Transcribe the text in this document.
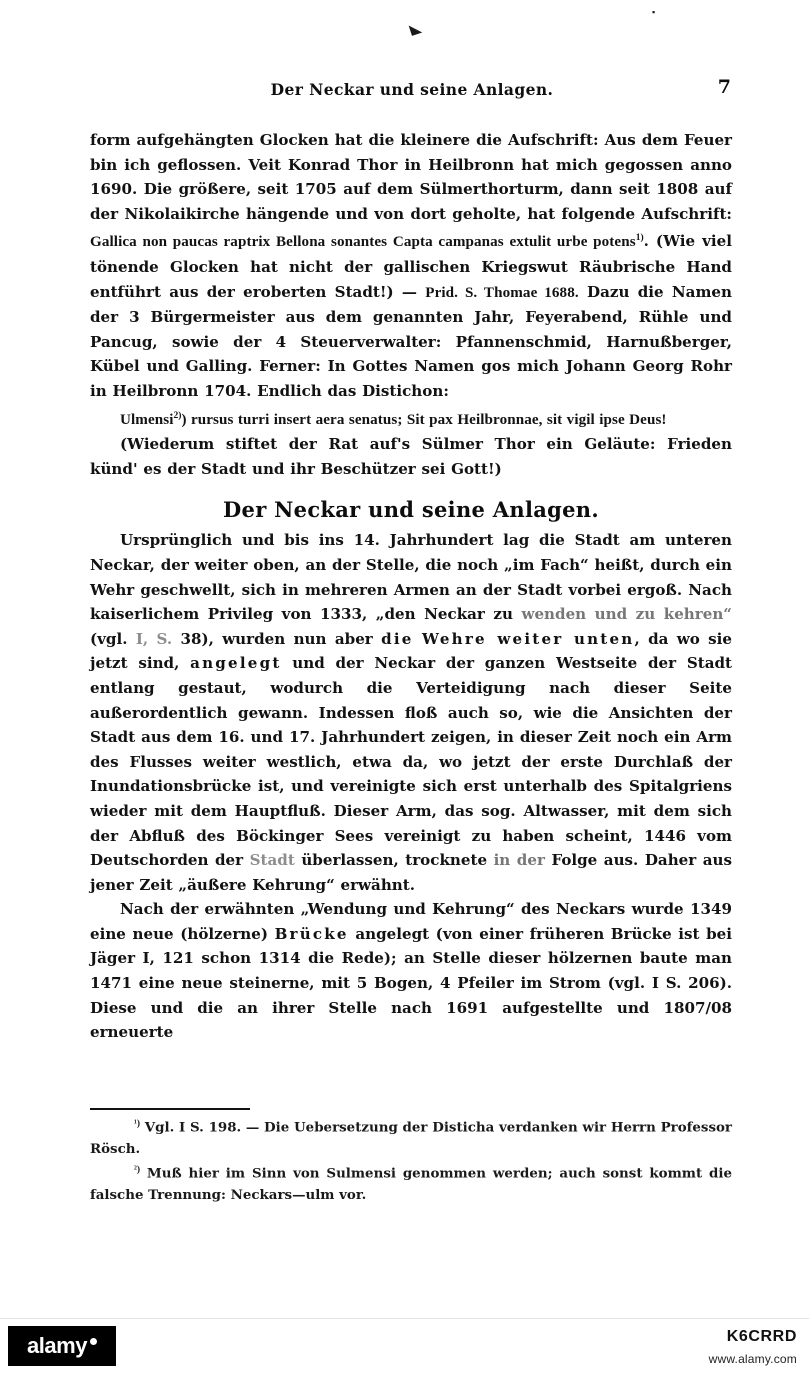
◣
▪
Der Neckar und seine Anlagen.	7

form aufgehängten Glocken hat die kleinere die Aufschrift: Aus dem Feuer bin ich geflossen. Veit Konrad Thor in Heilbronn hat mich gegossen anno 1690. Die größere, seit 1705 auf dem Sülmerthorturm, dann seit 1808 auf der Nikolaikirche hängende und von dort geholte, hat folgende Aufschrift: Gallica non paucas raptrix Bellona sonantes Capta campanas extulit urbe potens$^{1)}$. (Wie viel tönende Glocken hat nicht der gallischen Kriegswut Räubrische Hand entführt aus der eroberten Stadt!) — Prid. S. Thomae 1688. Dazu die Namen der 3 Bürgermeister aus dem genannten Jahr, Feyerabend, Rühle und Pancug, sowie der 4 Steuerverwalter: Pfannenschmid, Harnußberger, Kübel und Galling. Ferner: In Gottes Namen gos mich Johann Georg Rohr in Heilbronn 1704. Endlich das Distichon:

Ulmensi$^{2)}$) rursus turri insert aera senatus; Sit pax Heilbronnae, sit vigil ipse Deus!

(Wiederum stiftet der Rat auf's Sülmer Thor ein Geläute: Frieden künd' es der Stadt und ihr Beschützer sei Gott!)

Der Neckar und seine Anlagen.

Ursprünglich und bis ins 14. Jahrhundert lag die Stadt am unteren Neckar, der weiter oben, an der Stelle, die noch „im Fach“ heißt, durch ein Wehr geschwellt, sich in mehreren Armen an der Stadt vorbei ergoß. Nach kaiserlichem Privileg von 1333, „den Neckar zu wenden und zu kehren“ (vgl. I, S. 38), wurden nun aber die Wehre weiter unten, da wo sie jetzt sind, angelegt und der Neckar der ganzen Westseite der Stadt entlang gestaut, wodurch die Verteidigung nach dieser Seite außerordentlich gewann. Indessen floß auch so, wie die Ansichten der Stadt aus dem 16. und 17. Jahrhundert zeigen, in dieser Zeit noch ein Arm des Flusses weiter westlich, etwa da, wo jetzt der erste Durchlaß der Inundationsbrücke ist, und vereinigte sich erst unterhalb des Spitalgriens wieder mit dem Hauptfluß. Dieser Arm, das sog. Altwasser, mit dem sich der Abfluß des Böckinger Sees vereinigt zu haben scheint, 1446 vom Deutschorden der Stadt überlassen, trocknete in der Folge aus. Daher aus jener Zeit „äußere Kehrung“ erwähnt.

Nach der erwähnten „Wendung und Kehrung“ des Neckars wurde 1349 eine neue (hölzerne) Brücke angelegt (von einer früheren Brücke ist bei Jäger I, 121 schon 1314 die Rede); an Stelle dieser hölzernen baute man 1471 eine neue steinerne, mit 5 Bogen, 4 Pfeiler im Strom (vgl. I S. 206). Diese und die an ihrer Stelle nach 1691 aufgestellte und 1807/08 erneuerte

$^{^1)}$ Vgl. I S. 198. — Die Uebersetzung der Disticha verdanken wir Herrn Professor Rösch.

$^{^2)}$ Muß hier im Sinn von Sulmensi genommen werden; auch sonst kommt die falsche Trennung: Neckars—ulm vor.

alamy	K6CRRD
www.alamy.com
